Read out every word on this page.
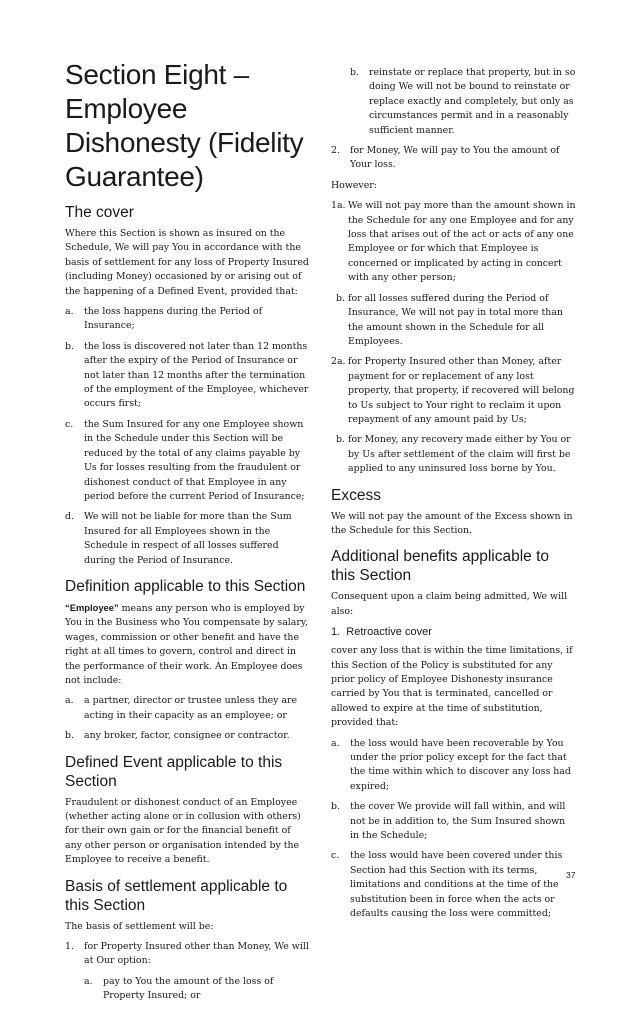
Section Eight – Employee Dishonesty (Fidelity Guarantee)
The cover

Where this Section is shown as insured on the Schedule, We will pay You in accordance with the basis of settlement for any loss of Property Insured (including Money) occasioned by or arising out of the happening of a Defined Event, provided that:

a.	the loss happens during the Period of Insurance;
b.	the loss is discovered not later than 12 months after the expiry of the Period of Insurance or not later than 12 months after the termination of the employment of the Employee, whichever occurs first;
c.	the Sum Insured for any one Employee shown in the Schedule under this Section will be reduced by the total of any claims payable by Us for losses resulting from the fraudulent or dishonest conduct of that Employee in any period before the current Period of Insurance;
d.	We will not be liable for more than the Sum Insured for all Employees shown in the Schedule in respect of all losses suffered during the Period of Insurance.
Definition applicable to this Section

“Employee” means any person who is employed by You in the Business who You compensate by salary, wages, commission or other benefit and have the right at all times to govern, control and direct in the performance of their work. An Employee does not include:

a.	a partner, director or trustee unless they are acting in their capacity as an employee; or
b.	any broker, factor, consignee or contractor.
Defined Event applicable to this Section

Fraudulent or dishonest conduct of an Employee (whether acting alone or in collusion with others) for their own gain or for the financial benefit of any other person or organisation intended by the Employee to receive a benefit.

Basis of settlement applicable to this Section

The basis of settlement will be:

1.	for Property Insured other than Money, We will at Our option:
a.	pay to You the amount of the loss of Property Insured; or
b.	reinstate or replace that property, but in so doing We will not be bound to reinstate or replace exactly and completely, but only as circumstances permit and in a reasonably sufficient manner.
2.	for Money, We will pay to You the amount of Your loss.

However:

1a. We will not pay more than the amount shown in the Schedule for any one Employee and for any loss that arises out of the act or acts of any one Employee or for which that Employee is concerned or implicated by acting in concert with any other person;
b. for all losses suffered during the Period of Insurance, We will not pay in total more than the amount shown in the Schedule for all Employees.
2a. for Property Insured other than Money, after payment for or replacement of any lost property, that property, if recovered will belong to Us subject to Your right to reclaim it upon repayment of any amount paid by Us;
b. for Money, any recovery made either by You or by Us after settlement of the claim will first be applied to any uninsured loss borne by You.
Excess

We will not pay the amount of the Excess shown in the Schedule for this Section.

Additional benefits applicable to this Section

Consequent upon a claim being admitted, We will also:

1.  Retroactive cover

cover any loss that is within the time limitations, if this Section of the Policy is substituted for any prior policy of Employee Dishonesty insurance carried by You that is terminated, cancelled or allowed to expire at the time of substitution, provided that:

a.	the loss would have been recoverable by You under the prior policy except for the fact that the time within which to discover any loss had expired;
b.	the cover We provide will fall within, and will not be in addition to, the Sum Insured shown in the Schedule;
c.	the loss would have been covered under this Section had this Section with its terms, limitations and conditions at the time of the substitution been in force when the acts or defaults causing the loss were committed;
37
